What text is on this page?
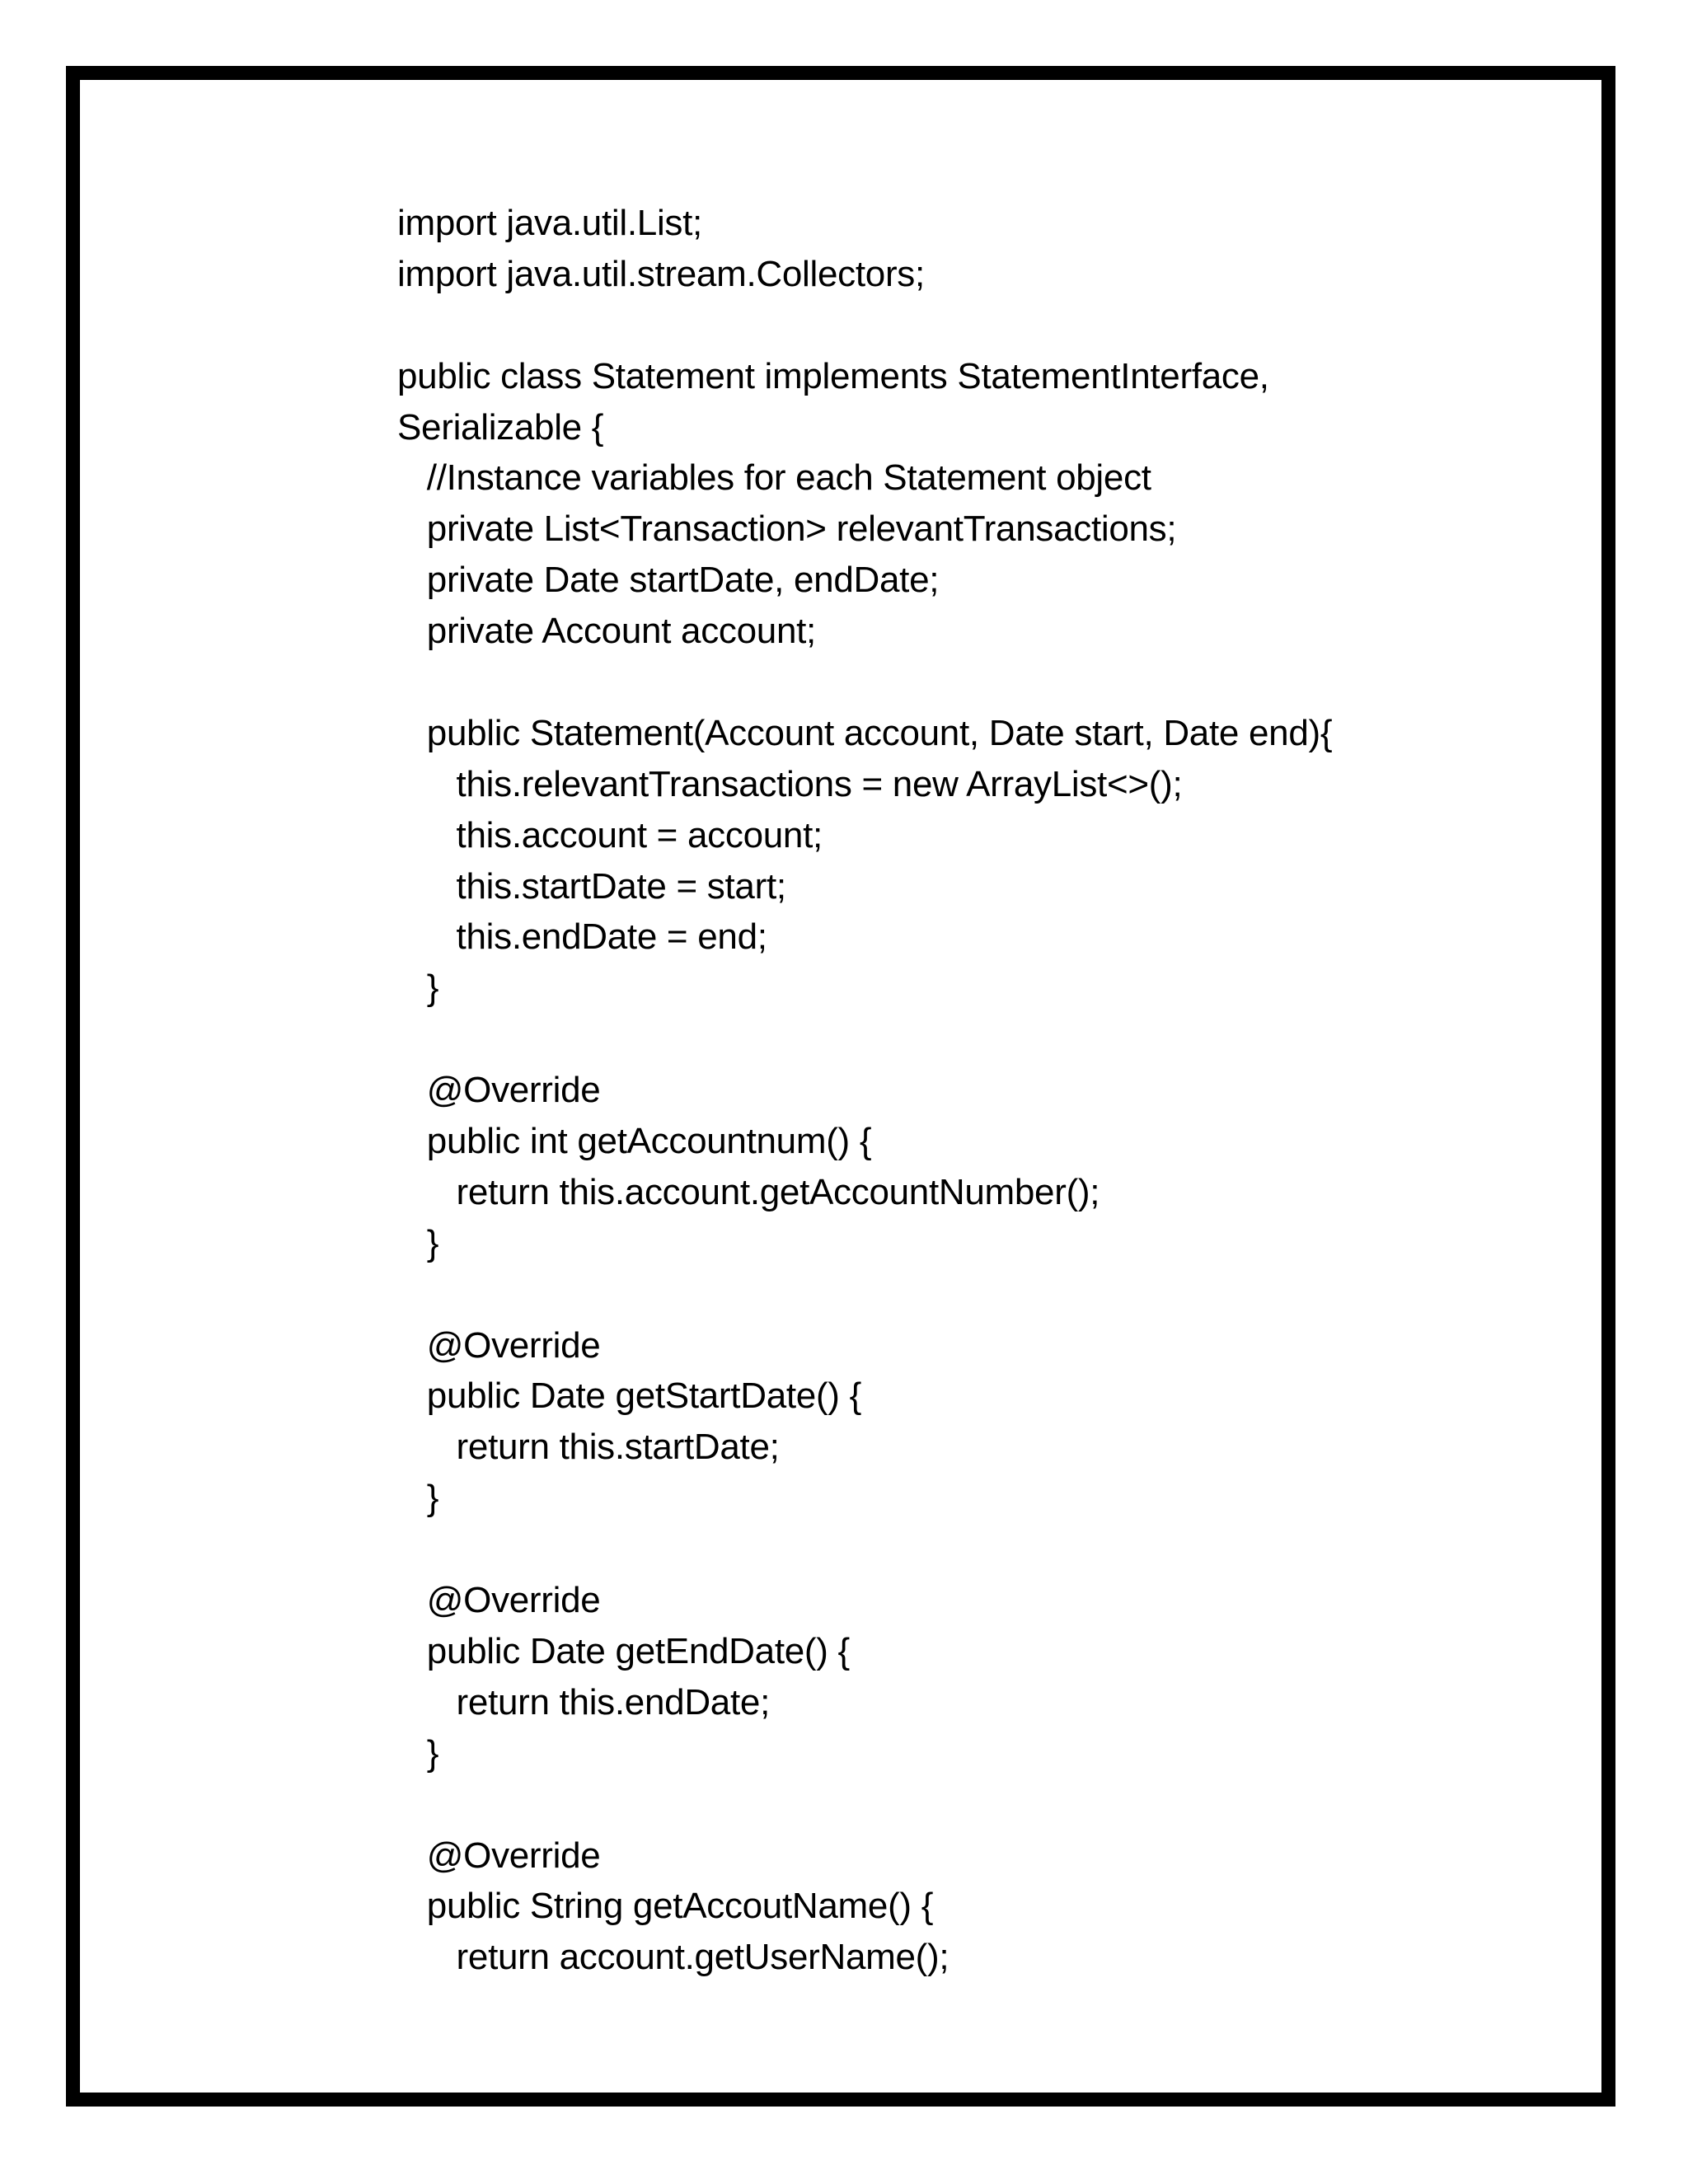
import java.util.List;
import java.util.stream.Collectors;
public class Statement implements StatementInterface,
Serializable {
//Instance variables for each Statement object
private List<Transaction> relevantTransactions;
private Date startDate, endDate;
private Account account;
public Statement(Account account, Date start, Date end){
this.relevantTransactions = new ArrayList<>();
this.account = account;
this.startDate = start;
this.endDate = end;
}
@Override
public int getAccountnum() {
return this.account.getAccountNumber();
}
@Override
public Date getStartDate() {
return this.startDate;
}
@Override
public Date getEndDate() {
return this.endDate;
}
@Override
public String getAccoutName() {
return account.getUserName();
